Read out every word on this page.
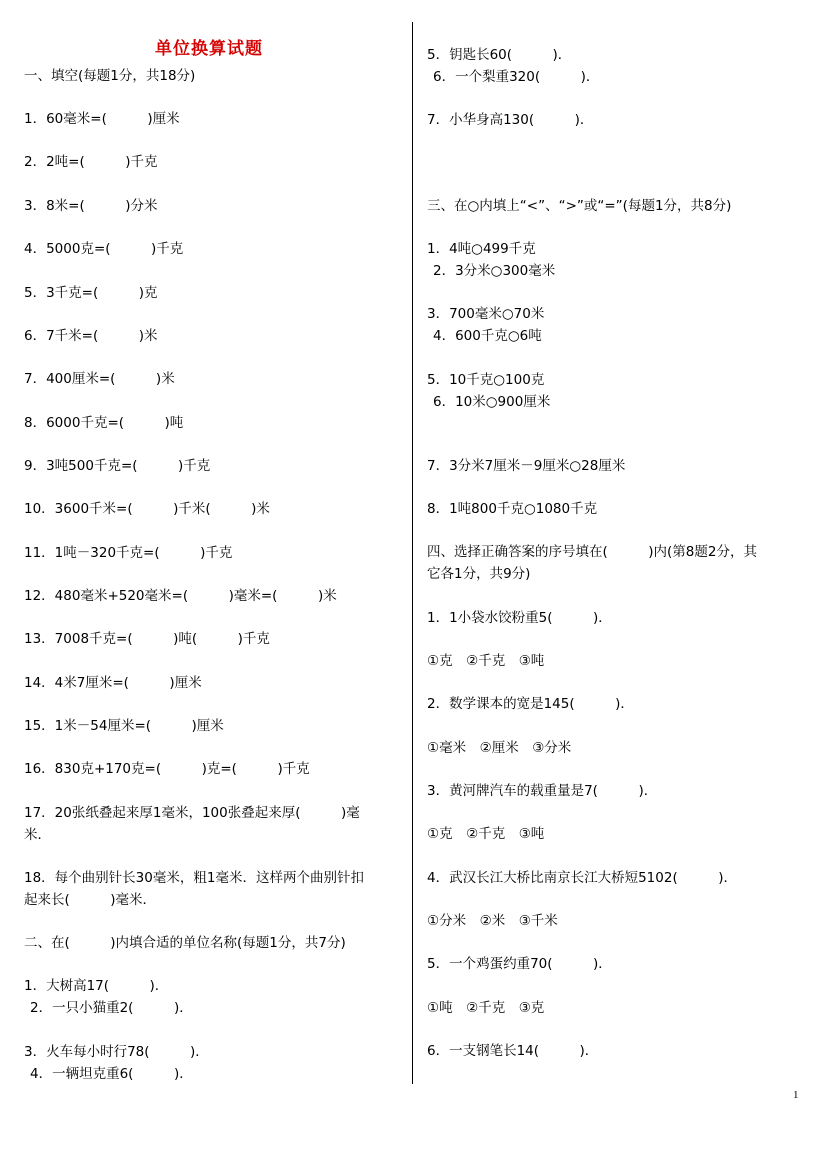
单位换算试题
一、填空(每题1分，共18分)
1．60毫米=(　　　)厘米
2．2吨=(　　　)千克
3．8米=(　　　)分米
4．5000克=(　　　)千克
5．3千克=(　　　)克
6．7千米=(　　　)米
7．400厘米=(　　　)米
8．6000千克=(　　　)吨
9．3吨500千克=(　　　)千克
10．3600千米=(　　　)千米(　　　)米
11．1吨－320千克=(　　　)千克
12．480毫米+520毫米=(　　　)毫米=(　　　)米
13．7008千克=(　　　)吨(　　　)千克
14．4米7厘米=(　　　)厘米
15．1米－54厘米=(　　　)厘米
16．830克+170克=(　　　)克=(　　　)千克
17．20张纸叠起来厚1毫米，100张叠起来厚(　　　)毫
米．
18．每个曲别针长30毫米，粗1毫米．这样两个曲别针扣
起来长(　　　)毫米．
二、在(　　　)内填合适的单位名称(每题1分，共7分)
1．大树高17(　　　)．
2．一只小猫重2(　　　)．
3．火车每小时行78(　　　)．
4．一辆坦克重6(　　　)．
5．钥匙长60(　　　)．
6．一个梨重320(　　　)．
7．小华身高130(　　　)．
三、在○内填上“<”、“>”或“=”(每题1分，共8分)
1．4吨○499千克
2．3分米○300毫米
3．700毫米○70米
4．600千克○6吨
5．10千克○100克
6．10米○900厘米
7．3分米7厘米－9厘米○28厘米
8．1吨800千克○1080千克
四、选择正确答案的序号填在(　　　)内(第8题2分，其
它各1分，共9分)
1．1小袋水饺粉重5(　　　)．
①克　②千克　③吨
2．数学课本的宽是145(　　　)．
①毫米　②厘米　③分米
3．黄河牌汽车的载重量是7(　　　)．
①克　②千克　③吨
4．武汉长江大桥比南京长江大桥短5102(　　　)．
①分米　②米　③千米
5．一个鸡蛋约重70(　　　)．
①吨　②千克　③克
6．一支钢笔长14(　　　)．
1
